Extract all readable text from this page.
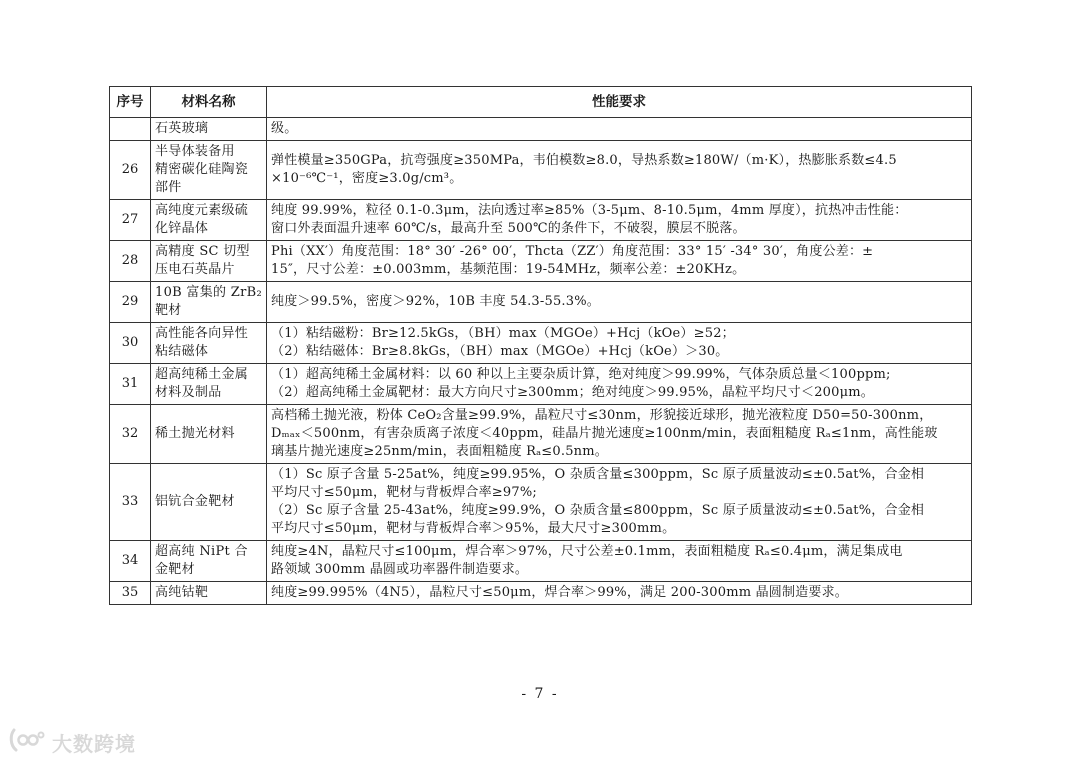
序号	材料名称	性能要求

	石英玻璃	级。

26	半导体装备用
精密碳化硅陶瓷
部件	弹性模量≥350GPa，抗弯强度≥350MPa，韦伯模数≥8.0，导热系数≥180W/（m·K），热膨胀系数≤4.5
×10⁻⁶℃⁻¹，密度≥3.0g/cm³。

27	高纯度元素级硫
化锌晶体	纯度 99.99%，粒径 0.1-0.3μm，法向透过率≥85%（3-5μm、8-10.5μm，4mm 厚度），抗热冲击性能：
窗口外表面温升速率 60℃/s，最高升至 500℃的条件下，不破裂，膜层不脱落。

28	高精度 SC 切型
压电石英晶片	Phi（XX′）角度范围：18° 30′ -26° 00′，Thcta（ZZ′）角度范围：33° 15′ -34° 30′，角度公差：±
15″，尺寸公差：±0.003mm，基频范围：19-54MHz，频率公差：±20KHz。

29	10B 富集的 ZrB₂
靶材	纯度＞99.5%，密度＞92%，10B 丰度 54.3-55.3%。

30	高性能各向异性
粘结磁体	（1）粘结磁粉：Br≥12.5kGs，（BH）max（MGOe）+Hcj（kOe）≥52；
（2）粘结磁体：Br≥8.8kGs，（BH）max（MGOe）+Hcj（kOe）＞30。

31	超高纯稀土金属
材料及制品	（1）超高纯稀土金属材料：以 60 种以上主要杂质计算，绝对纯度＞99.99%，气体杂质总量＜100ppm;
（2）超高纯稀土金属靶材：最大方向尺寸≥300mm；绝对纯度＞99.95%，晶粒平均尺寸＜200μm。

32	稀土抛光材料	高档稀土抛光液，粉体 CeO₂含量≥99.9%，晶粒尺寸≤30nm，形貌接近球形，抛光液粒度 D50=50-300nm，
Dₘₐₓ＜500nm，有害杂质离子浓度＜40ppm，硅晶片抛光速度≥100nm/min，表面粗糙度 Rₐ≤1nm，高性能玻
璃基片抛光速度≥25nm/min，表面粗糙度 Rₐ≤0.5nm。

33	铝钪合金靶材	（1）Sc 原子含量 5-25at%，纯度≥99.95%，O 杂质含量≤300ppm，Sc 原子质量波动≤±0.5at%，合金相
平均尺寸≤50μm，靶材与背板焊合率≥97%;
（2）Sc 原子含量 25-43at%，纯度≥99.9%，O 杂质含量≤800ppm，Sc 原子质量波动≤±0.5at%，合金相
平均尺寸≤50μm，靶材与背板焊合率＞95%，最大尺寸≥300mm。

34	超高纯 NiPt 合
金靶材	纯度≥4N，晶粒尺寸≤100μm，焊合率＞97%，尺寸公差±0.1mm，表面粗糙度 Rₐ≤0.4μm，满足集成电
路领域 300mm 晶圆或功率器件制造要求。

35	高纯钴靶	纯度≥99.995%（4N5），晶粒尺寸≤50μm，焊合率＞99%，满足 200-300mm 晶圆制造要求。
- 7 -
大数跨境
